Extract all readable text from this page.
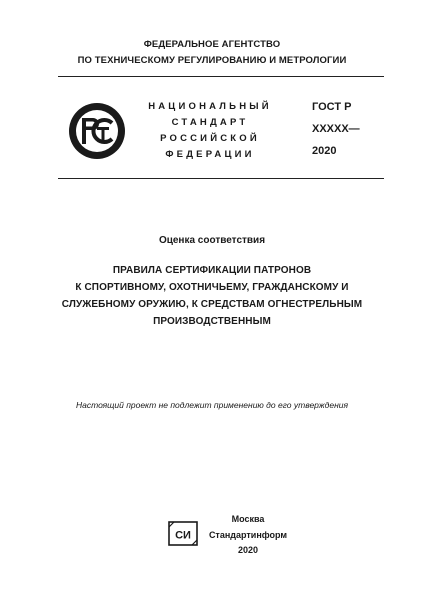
ФЕДЕРАЛЬНОЕ АГЕНТСТВО
ПО ТЕХНИЧЕСКОМУ РЕГУЛИРОВАНИЮ И МЕТРОЛОГИИ
НАЦИОНАЛЬНЫЙ
СТАНДАРТ
РОССИЙСКОЙ
ФЕДЕРАЦИИ
ГОСТ Р
ХХХХХ—
2020
Оценка соответствия
ПРАВИЛА СЕРТИФИКАЦИИ ПАТРОНОВ
К СПОРТИВНОМУ, ОХОТНИЧЬЕМУ, ГРАЖДАНСКОМУ И
СЛУЖЕБНОМУ ОРУЖИЮ, К СРЕДСТВАМ ОГНЕСТРЕЛЬНЫМ
ПРОИЗВОДСТВЕННЫМ
Настоящий проект не подлежит применению до его утверждения
СИ
Москва
Стандартинформ
2020
